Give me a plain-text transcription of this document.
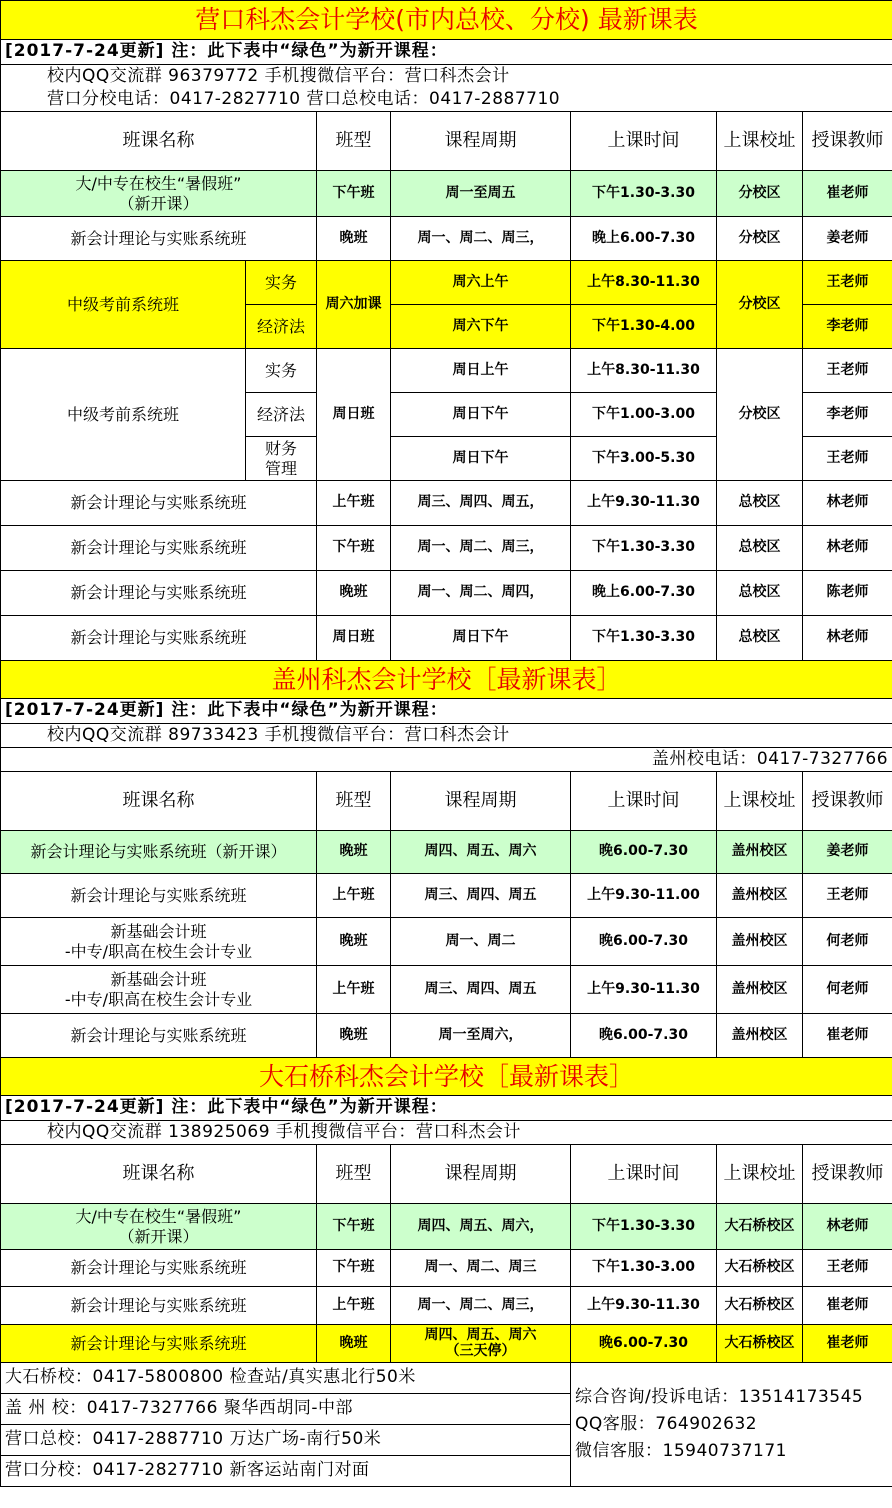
营口科杰会计学校(市内总校、分校) 最新课表						
[2017-7-24更新] 注：此下表中“绿色”为新开课程：						
校内QQ交流群 96379772 手机搜微信平台：营口科杰会计						
营口分校电话：0417-2827710 营口总校电话：0417-2887710						
班课名称		班型	课程周期	上课时间	上课校址	授课教师
大/中专在校生“暑假班”
（新开课）		下午班	周一至周五	下午1.30-3.30	分校区	崔老师
新会计理论与实账系统班		晚班	周一、周二、周三，	晚上6.00-7.30	分校区	姜老师
中级考前系统班	实务	周六加课	周六上午	上午8.30-11.30	分校区	王老师
	经济法		周六下午	下午1.30-4.00		李老师
中级考前系统班	实务	周日班	周日上午	上午8.30-11.30	分校区	王老师
	经济法		周日下午	下午1.00-3.00		李老师
	财务
管理		周日下午	下午3.00-5.30		王老师
新会计理论与实账系统班		上午班	周三、周四、周五，	上午9.30-11.30	总校区	林老师
新会计理论与实账系统班		下午班	周一、周二、周三，	下午1.30-3.30	总校区	林老师
新会计理论与实账系统班		晚班	周一、周二、周四，	晚上6.00-7.30	总校区	陈老师
新会计理论与实账系统班		周日班	周日下午	下午1.30-3.30	总校区	林老师
盖州科杰会计学校［最新课表］						
[2017-7-24更新] 注：此下表中“绿色”为新开课程：						
校内QQ交流群 89733423 手机搜微信平台：营口科杰会计						
盖州校电话：0417-7327766						
班课名称		班型	课程周期	上课时间	上课校址	授课教师
新会计理论与实账系统班（新开课）		晚班	周四、周五、周六	晚6.00-7.30	盖州校区	姜老师
新会计理论与实账系统班		上午班	周三、周四、周五	上午9.30-11.00	盖州校区	王老师
新基础会计班
-中专/职高在校生会计专业		晚班	周一、周二	晚6.00-7.30	盖州校区	何老师
新基础会计班
-中专/职高在校生会计专业		上午班	周三、周四、周五	上午9.30-11.30	盖州校区	何老师
新会计理论与实账系统班		晚班	周一至周六，	晚6.00-7.30	盖州校区	崔老师
大石桥科杰会计学校［最新课表］						
[2017-7-24更新] 注：此下表中“绿色”为新开课程：						
校内QQ交流群 138925069 手机搜微信平台：营口科杰会计						
班课名称		班型	课程周期	上课时间	上课校址	授课教师
大/中专在校生“暑假班”
（新开课）		下午班	周四、周五、周六，	下午1.30-3.30	大石桥校区	林老师
新会计理论与实账系统班		下午班	周一、周二、周三	下午1.30-3.00	大石桥校区	王老师
新会计理论与实账系统班		上午班	周一、周二、周三，	上午9.30-11.30	大石桥校区	崔老师
新会计理论与实账系统班		晚班	周四、周五、周六
（三天停）	晚6.00-7.30	大石桥校区	崔老师
大石桥校：0417-5800800 检查站/真实惠北行50米				综合咨询/投诉电话：13514173545
QQ客服：764902632
微信客服：15940737171		

盖 州 校：0417-7327766 聚华西胡同-中部						
营口总校：0417-2887710 万达广场-南行50米						
营口分校：0417-2827710 新客运站南门对面						
